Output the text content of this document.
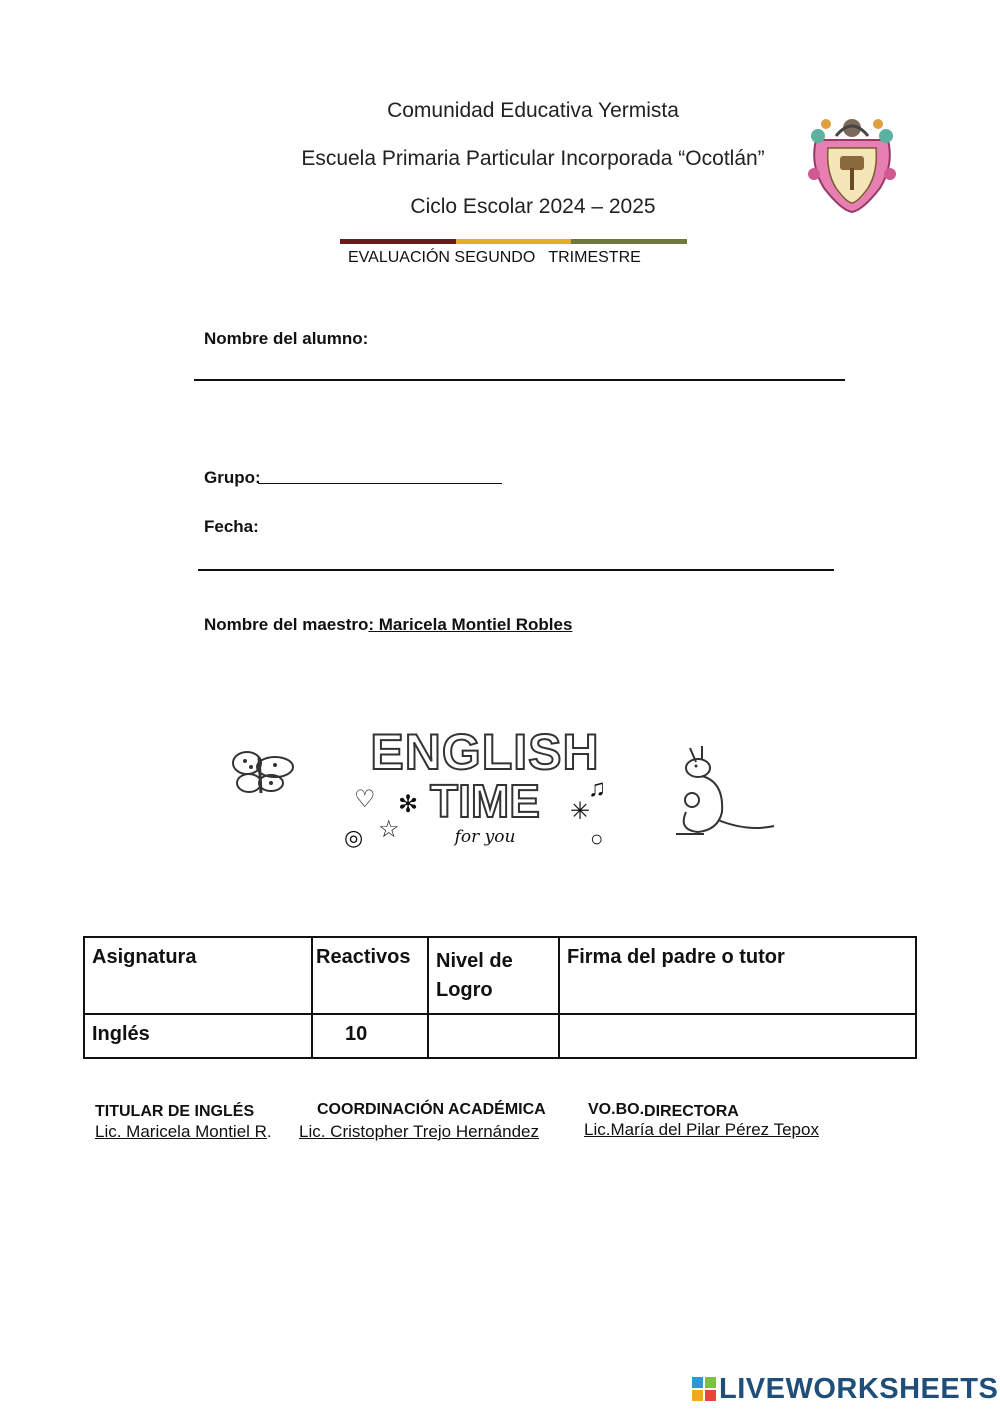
Comunidad Educativa Yermista
Escuela Primaria Particular Incorporada “Ocotlán”
Ciclo Escolar 2024 – 2025
EVALUACIÓN SEGUNDO   TRIMESTRE
Nombre del alumno:
Grupo:
Fecha:
Nombre del maestro: Maricela Montiel Robles
ENGLISH
TIME
for you
♡ ✻
◎ ☆
✳
♫
○
Asignatura	Reactivos	Nivel de Logro	Firma del padre o tutor
Inglés	10		
TITULAR DE INGLÉS
Lic. Maricela Montiel R.
COORDINACIÓN ACADÉMICA
Lic. Cristopher Trejo Hernández
VO.BO.DIRECTORA
Lic.María del Pilar Pérez Tepox
LIVEWORKSHEETS
